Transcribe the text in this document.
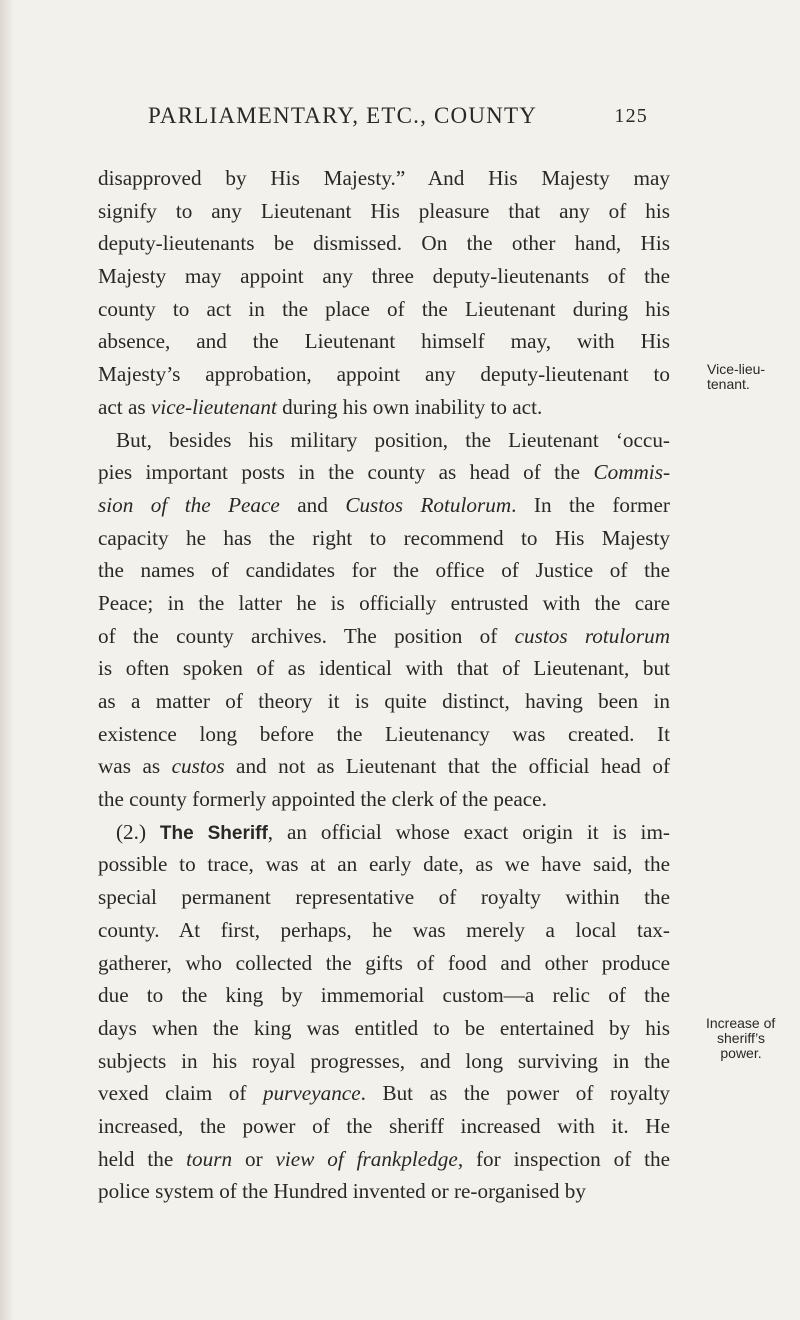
PARLIAMENTARY, ETC., COUNTY	125
disapproved by His Majesty.” And His Majesty may
signify to any Lieutenant His pleasure that any of his
deputy-lieutenants be dismissed. On the other hand, His
Majesty may appoint any three deputy-lieutenants of the
county to act in the place of the Lieutenant during his
absence, and the Lieutenant himself may, with His
Majesty’s approbation, appoint any deputy-lieutenant to
act as vice-lieutenant during his own inability to act.
But, besides his military position, the Lieutenant ‘occu-
pies important posts in the county as head of the Commis-
sion of the Peace and Custos Rotulorum. In the former
capacity he has the right to recommend to His Majesty
the names of candidates for the office of Justice of the
Peace; in the latter he is officially entrusted with the care
of the county archives. The position of custos rotulorum
is often spoken of as identical with that of Lieutenant, but
as a matter of theory it is quite distinct, having been in
existence long before the Lieutenancy was created. It
was as custos and not as Lieutenant that the official head of
the county formerly appointed the clerk of the peace.
(2.) The Sheriff, an official whose exact origin it is im-
possible to trace, was at an early date, as we have said, the
special permanent representative of royalty within the
county. At first, perhaps, he was merely a local tax-
gatherer, who collected the gifts of food and other produce
due to the king by immemorial custom—a relic of the
days when the king was entitled to be entertained by his
subjects in his royal progresses, and long surviving in the
vexed claim of purveyance. But as the power of royalty
increased, the power of the sheriff increased with it. He
held the tourn or view of frankpledge, for inspection of the
police system of the Hundred invented or re-organised by
Vice-lieu-
tenant.
Increase of
sheriff’s
power.
